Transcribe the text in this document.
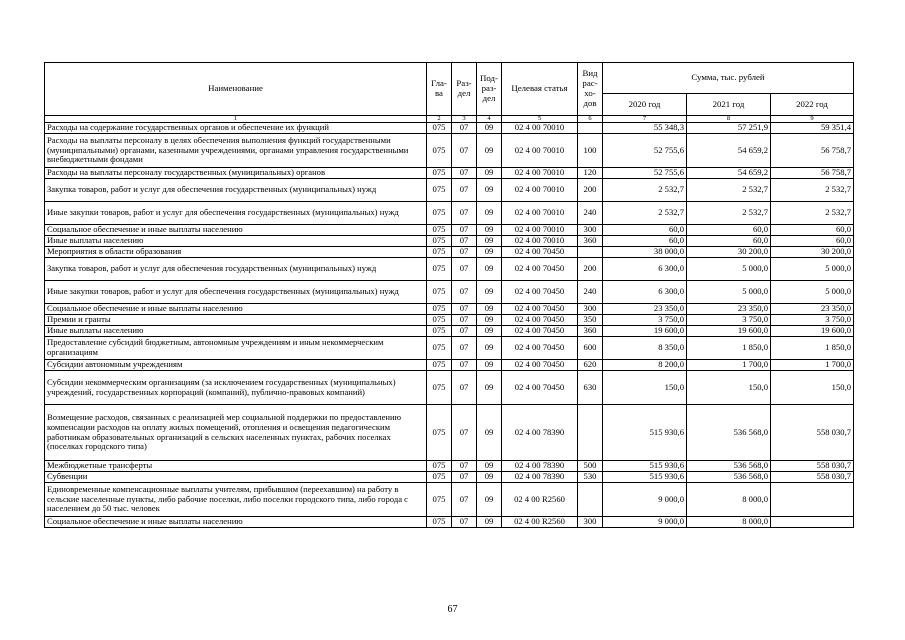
Наименование	Гла-ва	Раз-дел	Под-раз-дел	Целевая статья	Вид рас-хо-дов	Сумма, тыс. рублей		
						2020 год	2021 год	2022 год
1	2	3	4	5	6	7	8	9
Расходы на содержание государственных органов и обеспечение их функций	075	07	09	02 4 00 70010		55 348,3	57 251,9	59 351,4
Расходы на выплаты персоналу в целях обеспечения выполнения функций государственными (муниципальными) органами, казенными учреждениями, органами управления государственными внебюджетными фондами	075	07	09	02 4 00 70010	100	52 755,6	54 659,2	56 758,7
Расходы на выплаты персоналу государственных (муниципальных) органов	075	07	09	02 4 00 70010	120	52 755,6	54 659,2	56 758,7
Закупка товаров, работ и услуг для обеспечения государственных (муниципальных) нужд	075	07	09	02 4 00 70010	200	2 532,7	2 532,7	2 532,7
Иные закупки товаров, работ и услуг для обеспечения государственных (муниципальных) нужд	075	07	09	02 4 00 70010	240	2 532,7	2 532,7	2 532,7
Социальное обеспечение и иные выплаты населению	075	07	09	02 4 00 70010	300	60,0	60,0	60,0
Иные выплаты населению	075	07	09	02 4 00 70010	360	60,0	60,0	60,0
Мероприятия в области образования	075	07	09	02 4 00 70450		38 000,0	30 200,0	30 200,0
Закупка товаров, работ и услуг для обеспечения государственных (муниципальных) нужд	075	07	09	02 4 00 70450	200	6 300,0	5 000,0	5 000,0
Иные закупки товаров, работ и услуг для обеспечения государственных (муниципальных) нужд	075	07	09	02 4 00 70450	240	6 300,0	5 000,0	5 000,0
Социальное обеспечение и иные выплаты населению	075	07	09	02 4 00 70450	300	23 350,0	23 350,0	23 350,0
Премии и гранты	075	07	09	02 4 00 70450	350	3 750,0	3 750,0	3 750,0
Иные выплаты населению	075	07	09	02 4 00 70450	360	19 600,0	19 600,0	19 600,0
Предоставление субсидий бюджетным, автономным учреждениям и иным некоммерческим организациям	075	07	09	02 4 00 70450	600	8 350,0	1 850,0	1 850,0
Субсидии автономным учреждениям	075	07	09	02 4 00 70450	620	8 200,0	1 700,0	1 700,0
Субсидии некоммерческим организациям (за исключением государственных (муниципальных) учреждений, государственных корпораций (компаний), публично-правовых компаний)	075	07	09	02 4 00 70450	630	150,0	150,0	150,0
Возмещение расходов, связанных с реализацией мер социальной поддержки по предоставлению компенсации расходов на оплату жилых помещений, отопления и освещения педагогическим работникам образовательных организаций в сельских населенных пунктах, рабочих поселках (поселках городского типа)	075	07	09	02 4 00 78390		515 930,6	536 568,0	558 030,7
Межбюджетные трансферты	075	07	09	02 4 00 78390	500	515 930,6	536 568,0	558 030,7
Субвенции	075	07	09	02 4 00 78390	530	515 930,6	536 568,0	558 030,7
Единовременные компенсационные выплаты учителям, прибывшим (переехавшим) на работу в сельские населенные пункты, либо рабочие поселки, либо поселки городского типа, либо города с населением до 50 тыс. человек	075	07	09	02 4 00 R2560		9 000,0	8 000,0	
Социальное обеспечение и иные выплаты населению	075	07	09	02 4 00 R2560	300	9 000,0	8 000,0	
67
